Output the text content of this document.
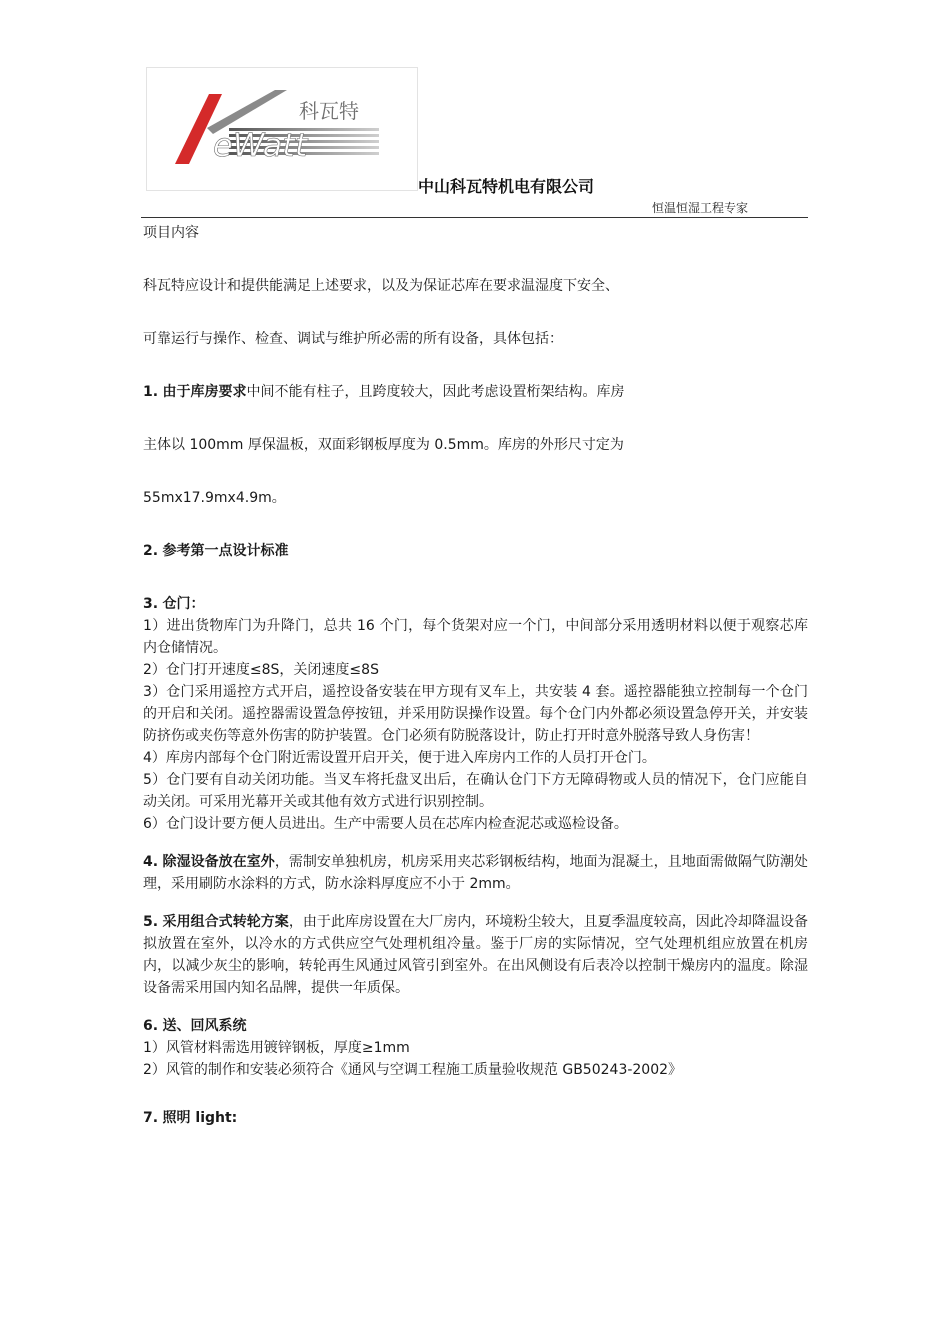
科瓦特
eWatt
中山科瓦特机电有限公司
恒温恒湿工程专家
项目内容
科瓦特应设计和提供能满足上述要求，以及为保证芯库在要求温湿度下安全、
可靠运行与操作、检查、调试与维护所必需的所有设备，具体包括：
1. 由于库房要求中间不能有柱子，且跨度较大，因此考虑设置桁架结构。库房
主体以 100mm 厚保温板，双面彩钢板厚度为 0.5mm。库房的外形尺寸定为
55mx17.9mx4.9m。
2. 参考第一点设计标准
3. 仓门：
1）进出货物库门为升降门，总共 16 个门，每个货架对应一个门，中间部分采用透明材料以便于观察芯库内仓储情况。
2）仓门打开速度≤8S，关闭速度≤8S
3）仓门采用遥控方式开启，遥控设备安装在甲方现有叉车上，共安装 4 套。遥控器能独立控制每一个仓门的开启和关闭。遥控器需设置急停按钮，并采用防误操作设置。每个仓门内外都必须设置急停开关，并安装防挤伤或夹伤等意外伤害的防护装置。仓门必须有防脱落设计，防止打开时意外脱落导致人身伤害！
4）库房内部每个仓门附近需设置开启开关，便于进入库房内工作的人员打开仓门。
5）仓门要有自动关闭功能。当叉车将托盘叉出后，在确认仓门下方无障碍物或人员的情况下，仓门应能自动关闭。可采用光幕开关或其他有效方式进行识别控制。
6）仓门设计要方便人员进出。生产中需要人员在芯库内检查泥芯或巡检设备。
4. 除湿设备放在室外，需制安单独机房，机房采用夹芯彩钢板结构，地面为混凝土，且地面需做隔气防潮处理，采用刷防水涂料的方式，防水涂料厚度应不小于 2mm。
5. 采用组合式转轮方案，由于此库房设置在大厂房内，环境粉尘较大，且夏季温度较高，因此冷却降温设备拟放置在室外，以冷水的方式供应空气处理机组冷量。鉴于厂房的实际情况，空气处理机组应放置在机房内，以减少灰尘的影响，转轮再生风通过风管引到室外。在出风侧设有后表冷以控制干燥房内的温度。除湿设备需采用国内知名品牌，提供一年质保。
6. 送、回风系统
1）风管材料需选用镀锌钢板，厚度≥1mm
2）风管的制作和安装必须符合《通风与空调工程施工质量验收规范 GB50243-2002》
7. 照明 light:
